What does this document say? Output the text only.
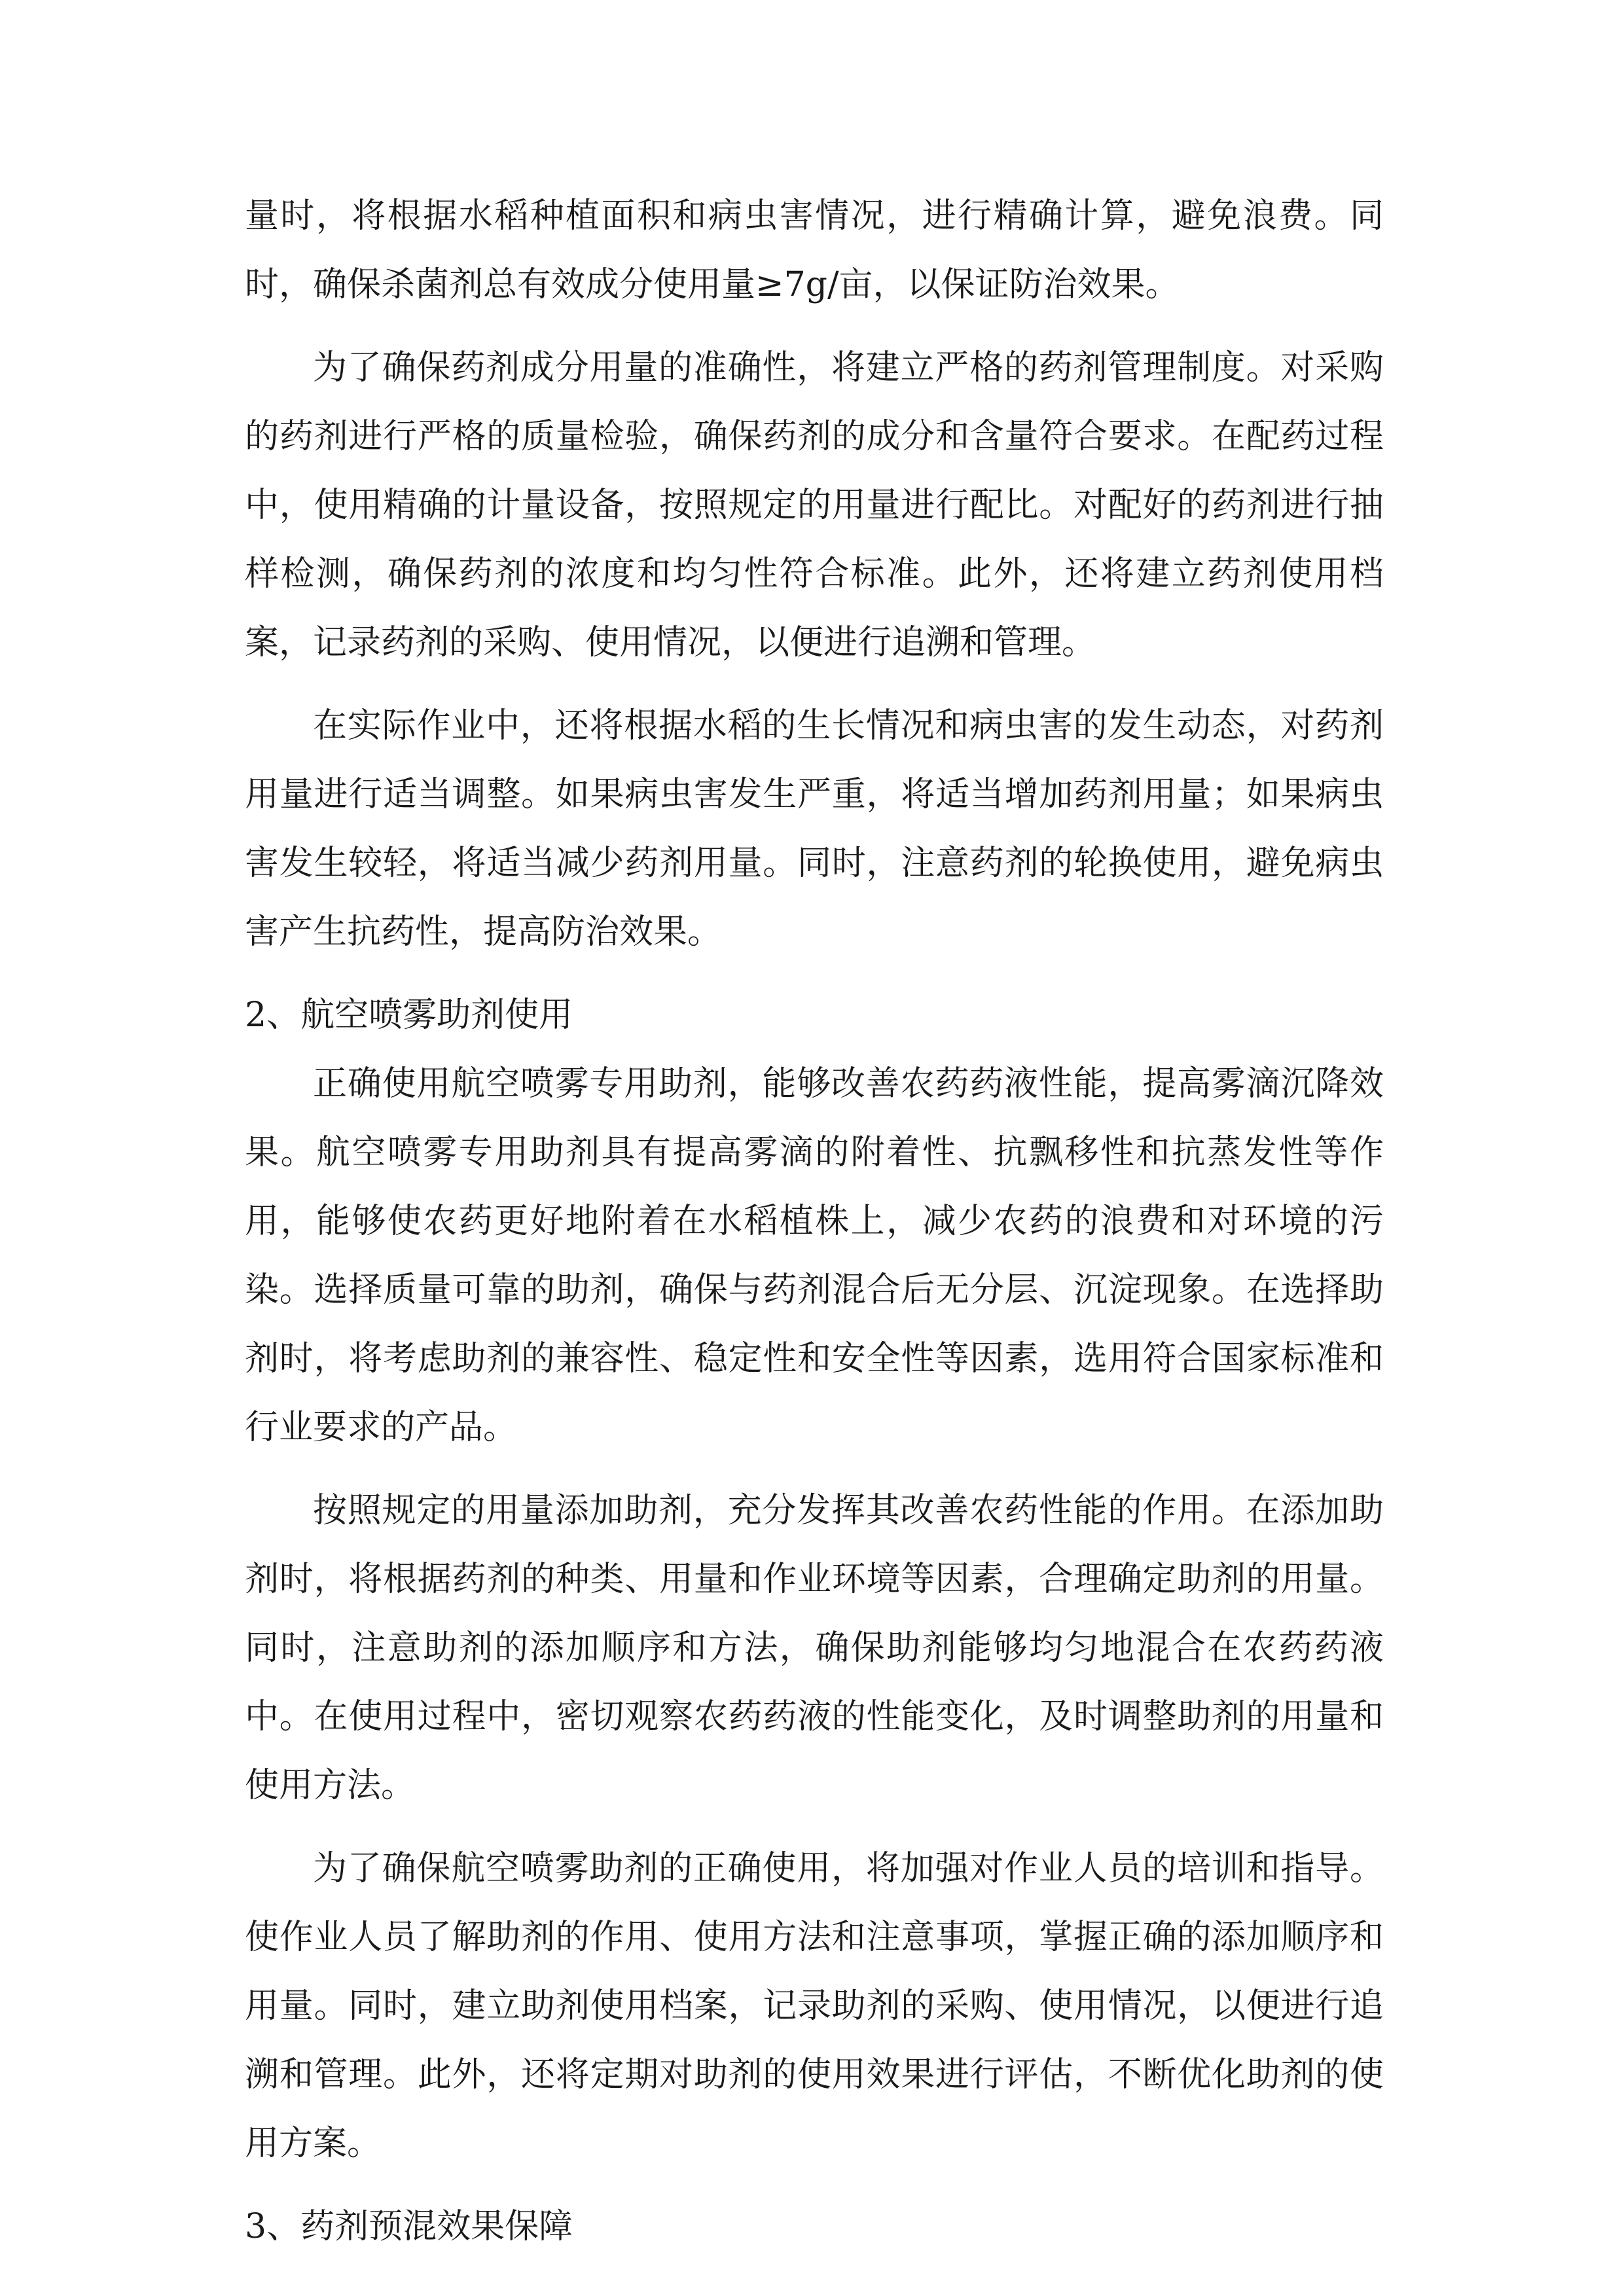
量时，将根据水稻种植面积和病虫害情况，进行精确计算，避免浪费。同时，确保杀菌剂总有效成分使用量≥7g/亩，以保证防治效果。

为了确保药剂成分用量的准确性，将建立严格的药剂管理制度。对采购的药剂进行严格的质量检验，确保药剂的成分和含量符合要求。在配药过程中，使用精确的计量设备，按照规定的用量进行配比。对配好的药剂进行抽样检测，确保药剂的浓度和均匀性符合标准。此外，还将建立药剂使用档案，记录药剂的采购、使用情况，以便进行追溯和管理。

在实际作业中，还将根据水稻的生长情况和病虫害的发生动态，对药剂用量进行适当调整。如果病虫害发生严重，将适当增加药剂用量；如果病虫害发生较轻，将适当减少药剂用量。同时，注意药剂的轮换使用，避免病虫害产生抗药性，提高防治效果。

2、航空喷雾助剂使用

正确使用航空喷雾专用助剂，能够改善农药药液性能，提高雾滴沉降效果。航空喷雾专用助剂具有提高雾滴的附着性、抗飘移性和抗蒸发性等作用，能够使农药更好地附着在水稻植株上，减少农药的浪费和对环境的污染。选择质量可靠的助剂，确保与药剂混合后无分层、沉淀现象。在选择助剂时，将考虑助剂的兼容性、稳定性和安全性等因素，选用符合国家标准和行业要求的产品。

按照规定的用量添加助剂，充分发挥其改善农药性能的作用。在添加助剂时，将根据药剂的种类、用量和作业环境等因素，合理确定助剂的用量。同时，注意助剂的添加顺序和方法，确保助剂能够均匀地混合在农药药液中。在使用过程中，密切观察农药药液的性能变化，及时调整助剂的用量和使用方法。

为了确保航空喷雾助剂的正确使用，将加强对作业人员的培训和指导。使作业人员了解助剂的作用、使用方法和注意事项，掌握正确的添加顺序和用量。同时，建立助剂使用档案，记录助剂的采购、使用情况，以便进行追溯和管理。此外，还将定期对助剂的使用效果进行评估，不断优化助剂的使用方案。

3、药剂预混效果保障
